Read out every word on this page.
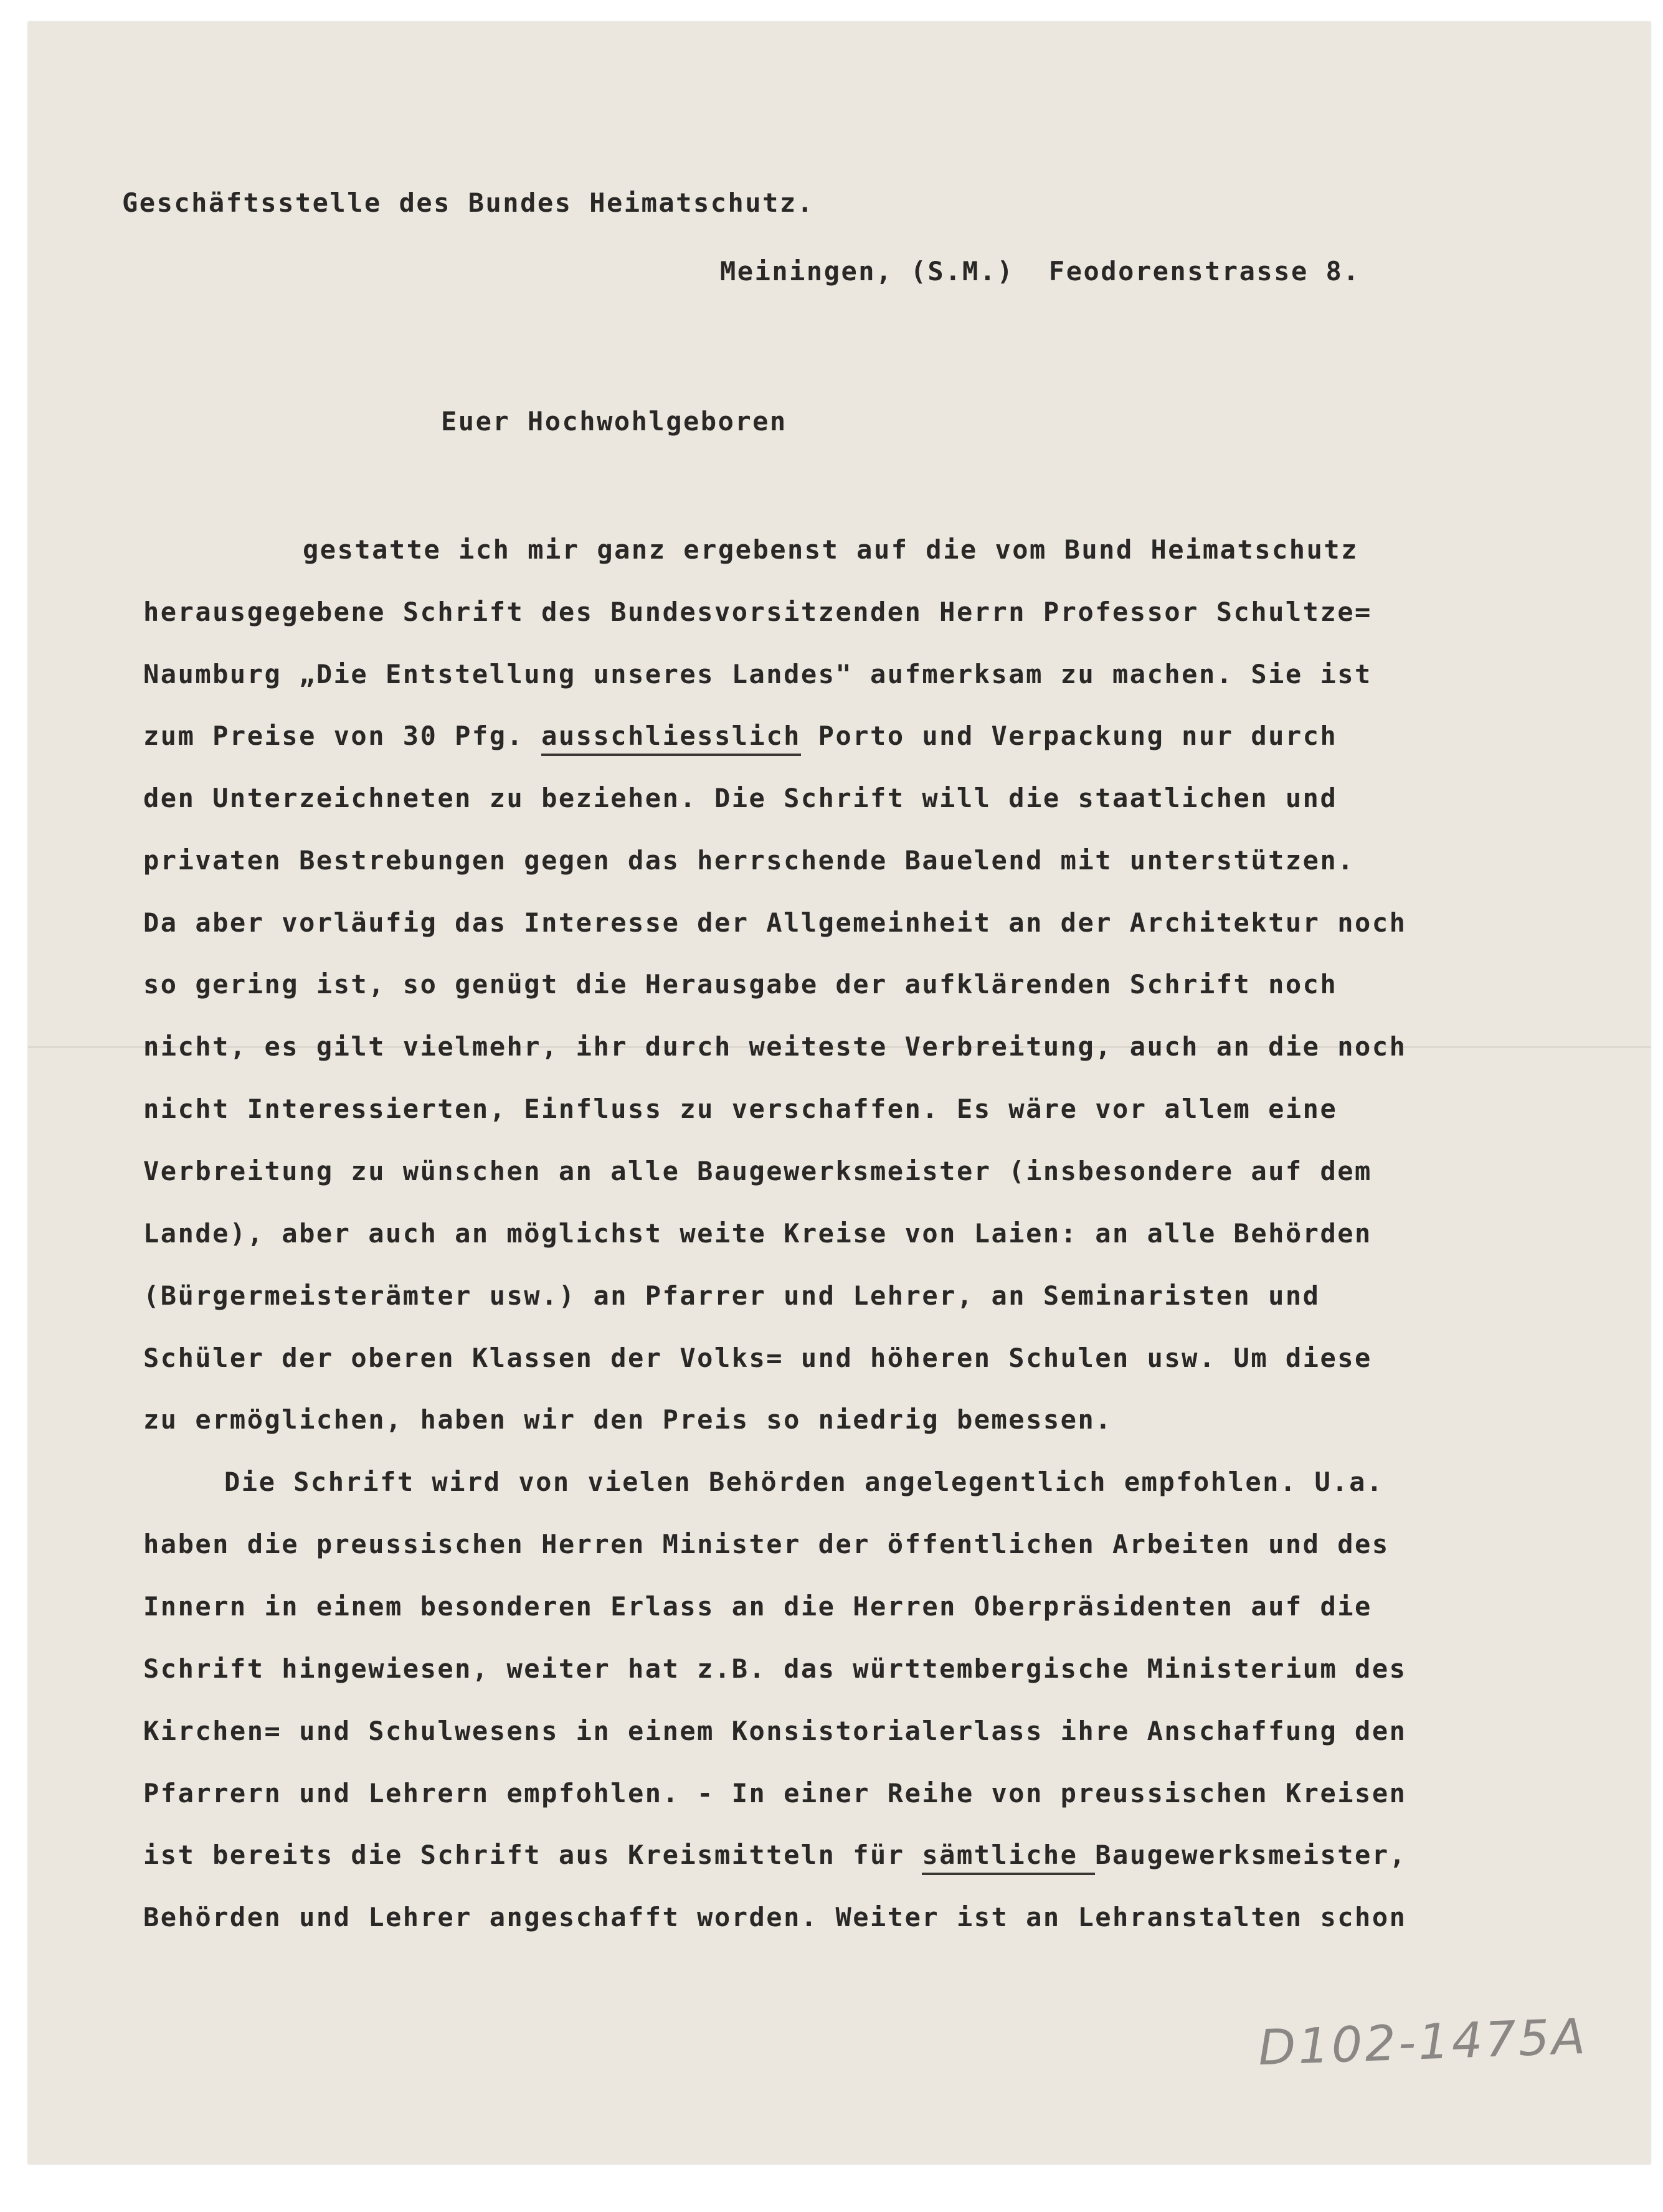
Geschäftsstelle des Bundes Heimatschutz.
Meiningen, (S.M.)  Feodorenstrasse 8.
Euer Hochwohlgeboren
gestatte ich mir ganz ergebenst auf die vom Bund Heimatschutz
herausgegebene Schrift des Bundesvorsitzenden Herrn Professor Schultze=
Naumburg „Die Entstellung unseres Landes" aufmerksam zu machen. Sie ist
zum Preise von 30 Pfg. ausschliesslich Porto und Verpackung nur durch
den Unterzeichneten zu beziehen. Die Schrift will die staatlichen und
privaten Bestrebungen gegen das herrschende Bauelend mit unterstützen.
Da aber vorläufig das Interesse der Allgemeinheit an der Architektur noch
so gering ist, so genügt die Herausgabe der aufklärenden Schrift noch
nicht, es gilt vielmehr, ihr durch weiteste Verbreitung, auch an die noch
nicht Interessierten, Einfluss zu verschaffen. Es wäre vor allem eine
Verbreitung zu wünschen an alle Baugewerksmeister (insbesondere auf dem
Lande), aber auch an möglichst weite Kreise von Laien: an alle Behörden
(Bürgermeisterämter usw.) an Pfarrer und Lehrer, an Seminaristen und
Schüler der oberen Klassen der Volks= und höheren Schulen usw. Um diese
zu ermöglichen, haben wir den Preis so niedrig bemessen.
Die Schrift wird von vielen Behörden angelegentlich empfohlen. U.a.
haben die preussischen Herren Minister der öffentlichen Arbeiten und des
Innern in einem besonderen Erlass an die Herren Oberpräsidenten auf die
Schrift hingewiesen, weiter hat z.B. das württembergische Ministerium des
Kirchen= und Schulwesens in einem Konsistorialerlass ihre Anschaffung den
Pfarrern und Lehrern empfohlen. - In einer Reihe von preussischen Kreisen
ist bereits die Schrift aus Kreismitteln für sämtliche Baugewerksmeister,
Behörden und Lehrer angeschafft worden. Weiter ist an Lehranstalten schon
D102-1475A
